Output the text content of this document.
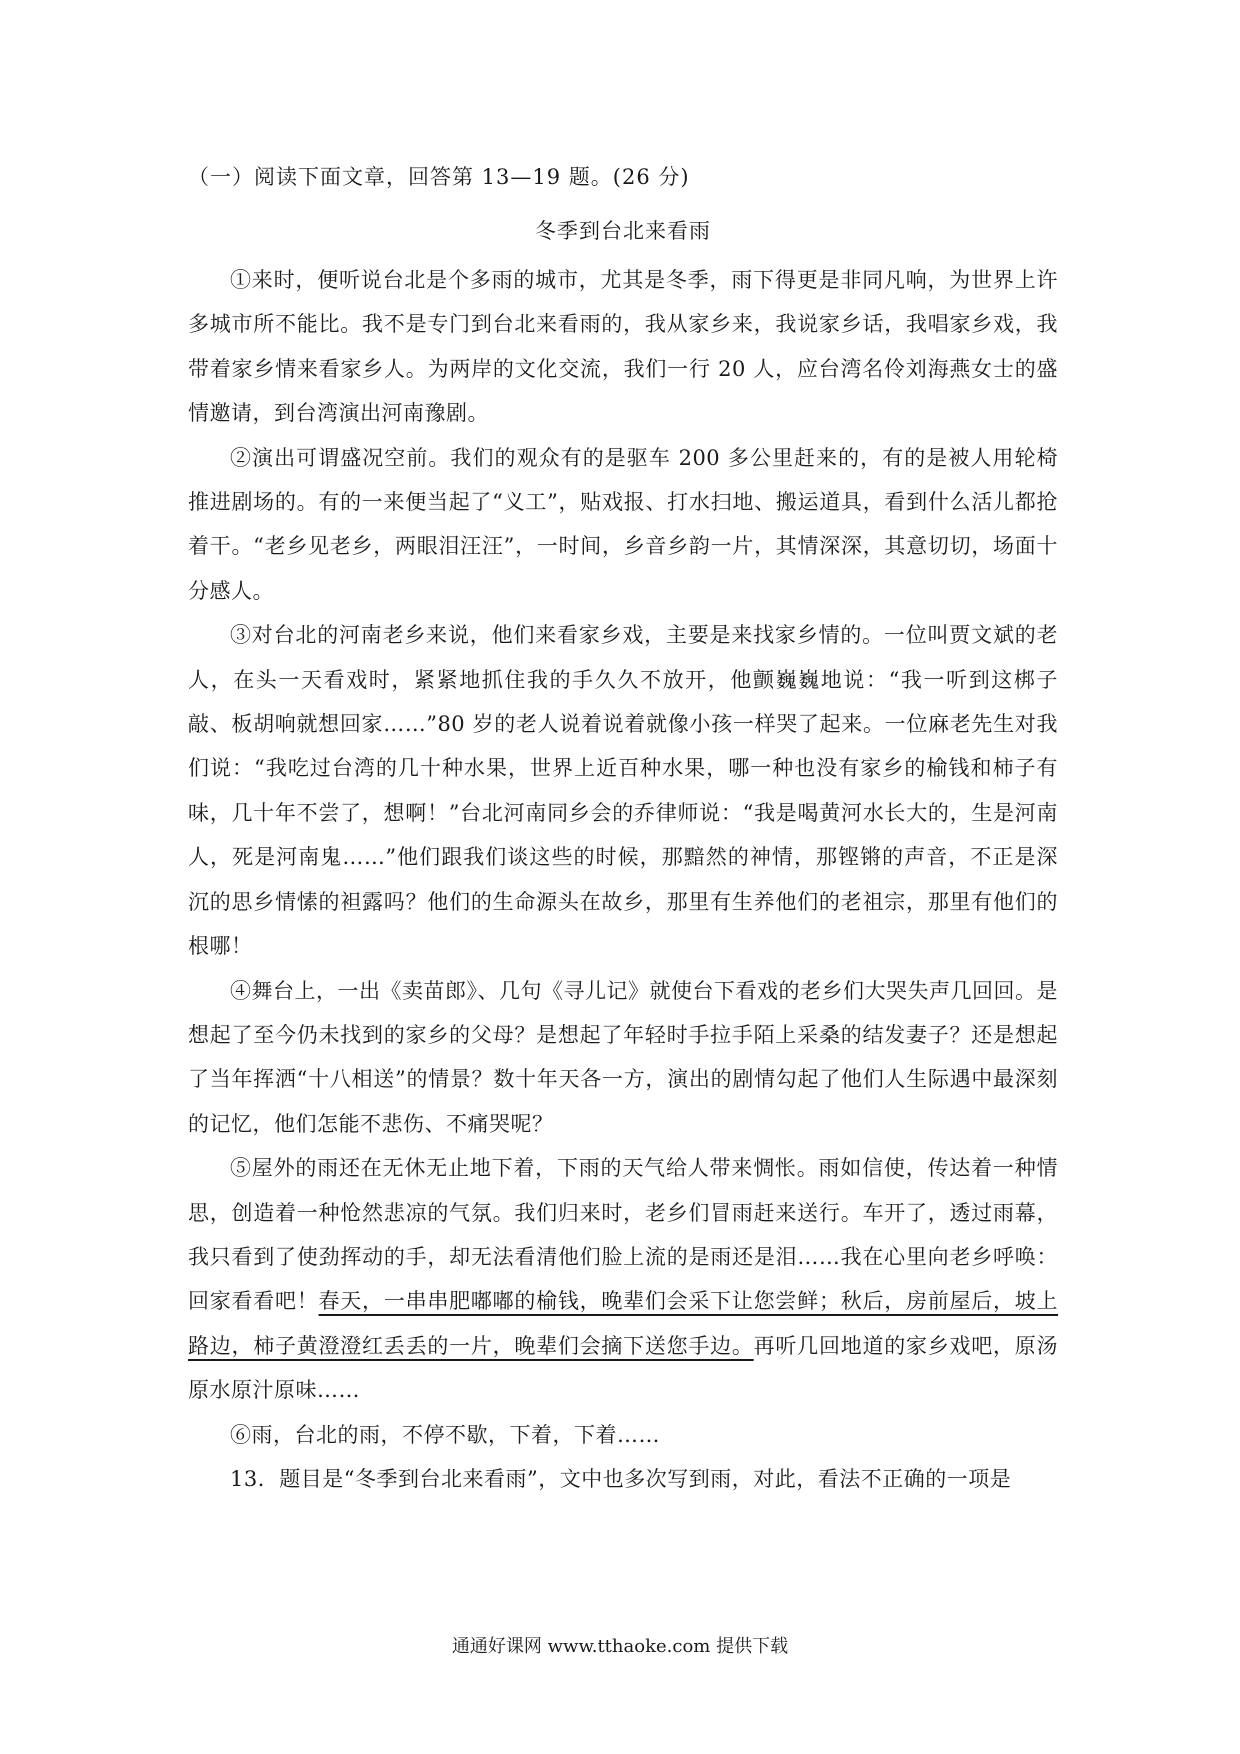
（一）阅读下面文章，回答第 13—19 题。(26 分)

冬季到台北来看雨

①来时，便听说台北是个多雨的城市，尤其是冬季，雨下得更是非同凡响，为世界上许多城市所不能比。我不是专门到台北来看雨的，我从家乡来，我说家乡话，我唱家乡戏，我带着家乡情来看家乡人。为两岸的文化交流，我们一行 20 人，应台湾名伶刘海燕女士的盛情邀请，到台湾演出河南豫剧。

②演出可谓盛况空前。我们的观众有的是驱车 200 多公里赶来的，有的是被人用轮椅推进剧场的。有的一来便当起了“义工”，贴戏报、打水扫地、搬运道具，看到什么活儿都抢着干。“老乡见老乡，两眼泪汪汪”，一时间，乡音乡韵一片，其情深深，其意切切，场面十分感人。

③对台北的河南老乡来说，他们来看家乡戏，主要是来找家乡情的。一位叫贾文斌的老人，在头一天看戏时，紧紧地抓住我的手久久不放开，他颤巍巍地说：“我一听到这梆子敲、板胡响就想回家……”80 岁的老人说着说着就像小孩一样哭了起来。一位麻老先生对我们说：“我吃过台湾的几十种水果，世界上近百种水果，哪一种也没有家乡的榆钱和柿子有味，几十年不尝了，想啊！”台北河南同乡会的乔律师说：“我是喝黄河水长大的，生是河南人，死是河南鬼……”他们跟我们谈这些的时候，那黯然的神情，那铿锵的声音，不正是深沉的思乡情愫的袒露吗？他们的生命源头在故乡，那里有生养他们的老祖宗，那里有他们的根哪！

④舞台上，一出《卖苗郎》、几句《寻儿记》就使台下看戏的老乡们大哭失声几回回。是想起了至今仍未找到的家乡的父母？是想起了年轻时手拉手陌上采桑的结发妻子？还是想起了当年挥洒“十八相送”的情景？数十年天各一方，演出的剧情勾起了他们人生际遇中最深刻的记忆，他们怎能不悲伤、不痛哭呢？

⑤屋外的雨还在无休无止地下着，下雨的天气给人带来惆怅。雨如信使，传达着一种情思，创造着一种怆然悲凉的气氛。我们归来时，老乡们冒雨赶来送行。车开了，透过雨幕，我只看到了使劲挥动的手，却无法看清他们脸上流的是雨还是泪……我在心里向老乡呼唤：回家看看吧！春天，一串串肥嘟嘟的榆钱，晚辈们会采下让您尝鲜；秋后，房前屋后，坡上路边，柿子黄澄澄红丢丢的一片，晚辈们会摘下送您手边。再听几回地道的家乡戏吧，原汤原水原汁原味……

⑥雨，台北的雨，不停不歇，下着，下着……

13．题目是“冬季到台北来看雨”，文中也多次写到雨，对此，看法不正确的一项是

通通好课网 www.tthaoke.com 提供下载
